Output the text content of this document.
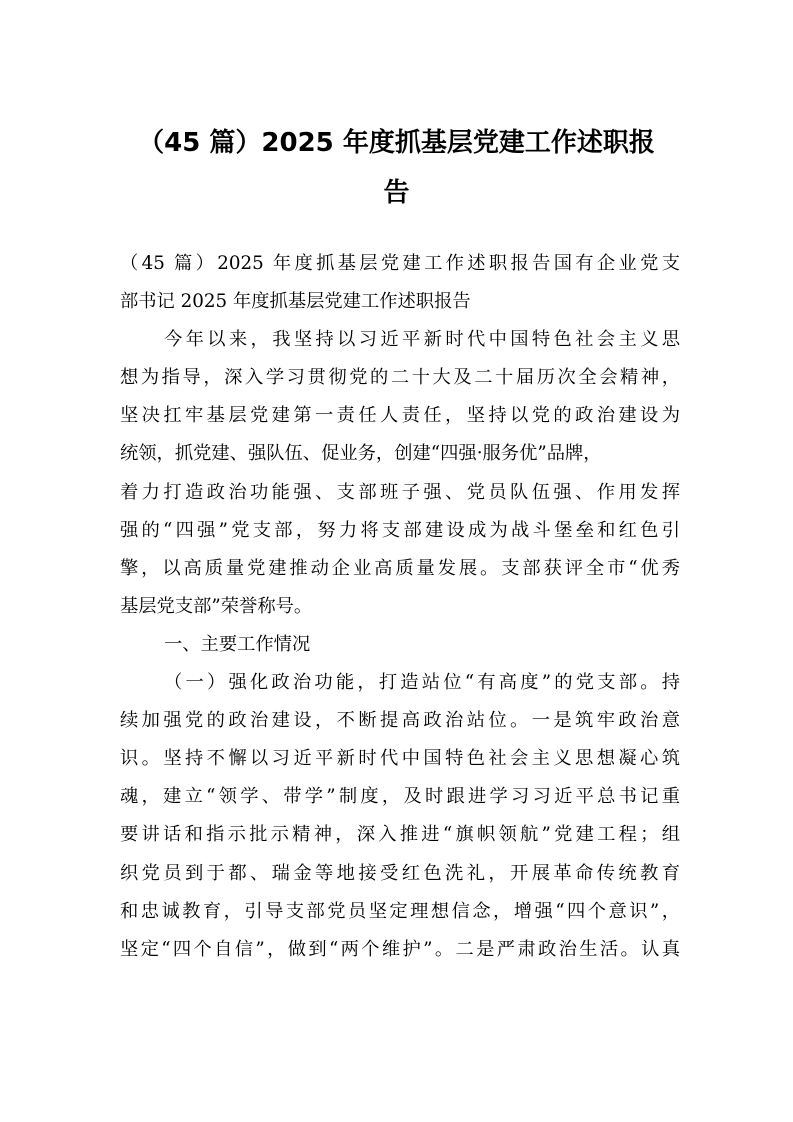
（45 篇）2025 年度抓基层党建工作述职报
告
（45 篇）2025 年度抓基层党建工作述职报告国有企业党支
部书记 2025 年度抓基层党建工作述职报告
今年以来，我坚持以习近平新时代中国特色社会主义思
想为指导，深入学习贯彻党的二十大及二十届历次全会精神，
坚决扛牢基层党建第一责任人责任，坚持以党的政治建设为
统领，抓党建、强队伍、促业务，创建“四强·服务优”品牌，
着力打造政治功能强、支部班子强、党员队伍强、作用发挥
强的“四强”党支部，努力将支部建设成为战斗堡垒和红色引
擎，以高质量党建推动企业高质量发展。支部获评全市“优秀
基层党支部”荣誉称号。
一、主要工作情况
（一）强化政治功能，打造站位“有高度”的党支部。持
续加强党的政治建设，不断提高政治站位。一是筑牢政治意
识。坚持不懈以习近平新时代中国特色社会主义思想凝心筑
魂，建立“领学、带学”制度，及时跟进学习习近平总书记重
要讲话和指示批示精神，深入推进“旗帜领航”党建工程；组
织党员到于都、瑞金等地接受红色洗礼，开展革命传统教育
和忠诚教育，引导支部党员坚定理想信念，增强“四个意识”，
坚定“四个自信”，做到“两个维护”。二是严肃政治生活。认真
